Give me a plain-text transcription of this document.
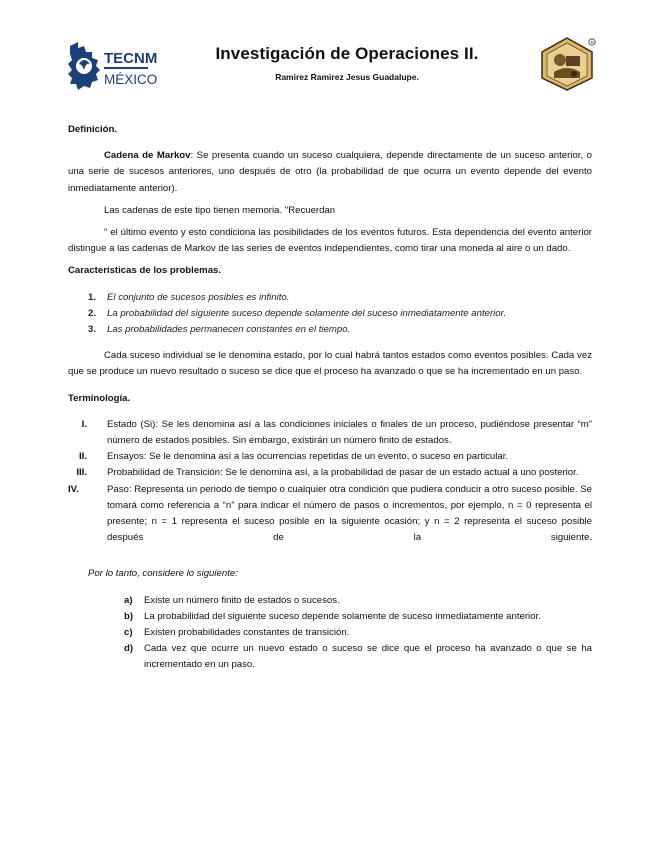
TECNM
MÉXICO
Investigación de Operaciones II.
Ramirez Ramirez Jesus Guadalupe.
R

Definición.

Cadena de Markov: Se presenta cuando un suceso cualquiera, depende directamente de un suceso anterior, o una serie de sucesos anteriores, uno después de otro (la probabilidad de que ocurra un evento depende del evento inmediatamente anterior).

Las cadenas de este tipo tienen memoria. "Recuerdan

" el último evento y esto condiciona las posibilidades de los eventos futuros. Esta dependencia del evento anterior distingue a las cadenas de Markov de las series de eventos independientes, como tirar una moneda al aire o un dado.

Características de los problemas.

1. El conjunto de sucesos posibles es infinito.
2. La probabilidad del siguiente suceso depende solamente del suceso inmediatamente anterior.
3. Las probabilidades permanecen constantes en el tiempo.

Cada suceso individual se le denomina estado, por lo cual habrá tantos estados como eventos posibles. Cada vez que se produce un nuevo resultado o suceso se dice que el proceso ha avanzado o que se ha incrementado en un paso.

Terminología.

I. Estado (Si): Se les denomina así a las condiciones iniciales o finales de un proceso, pudiéndose presentar “m” número de estados posibles. Sin embargo, existirán un número finito de estados.
II. Ensayos: Se le denomina así a las ocurrencias repetidas de un evento, o suceso en particular.
III. Probabilidad de Transición: Se le denomina así, a la probabilidad de pasar de un estado actual a uno posterior.
IV.	Paso: Representa un periodo de tiempo o cualquier otra condición que pudiera conducir a otro suceso posible. Se tomará como referencia a “n” para indicar el número de pasos o incrementos, por ejemplo, n = 0 representa el presente; n = 1 representa el suceso posible en la siguiente ocasión; y n = 2 representa el suceso posible después de la siguiente.

Por lo tanto, considere lo siguiente:

a) Existe un número finito de estados o sucesos.
b) La probabilidad del siguiente suceso depende solamente de suceso inmediatamente anterior.
c) Existen probabilidades constantes de transición.
d) Cada vez que ocurre un nuevo estado o suceso se dice que el proceso ha avanzado o que se ha incrementado en un paso.
